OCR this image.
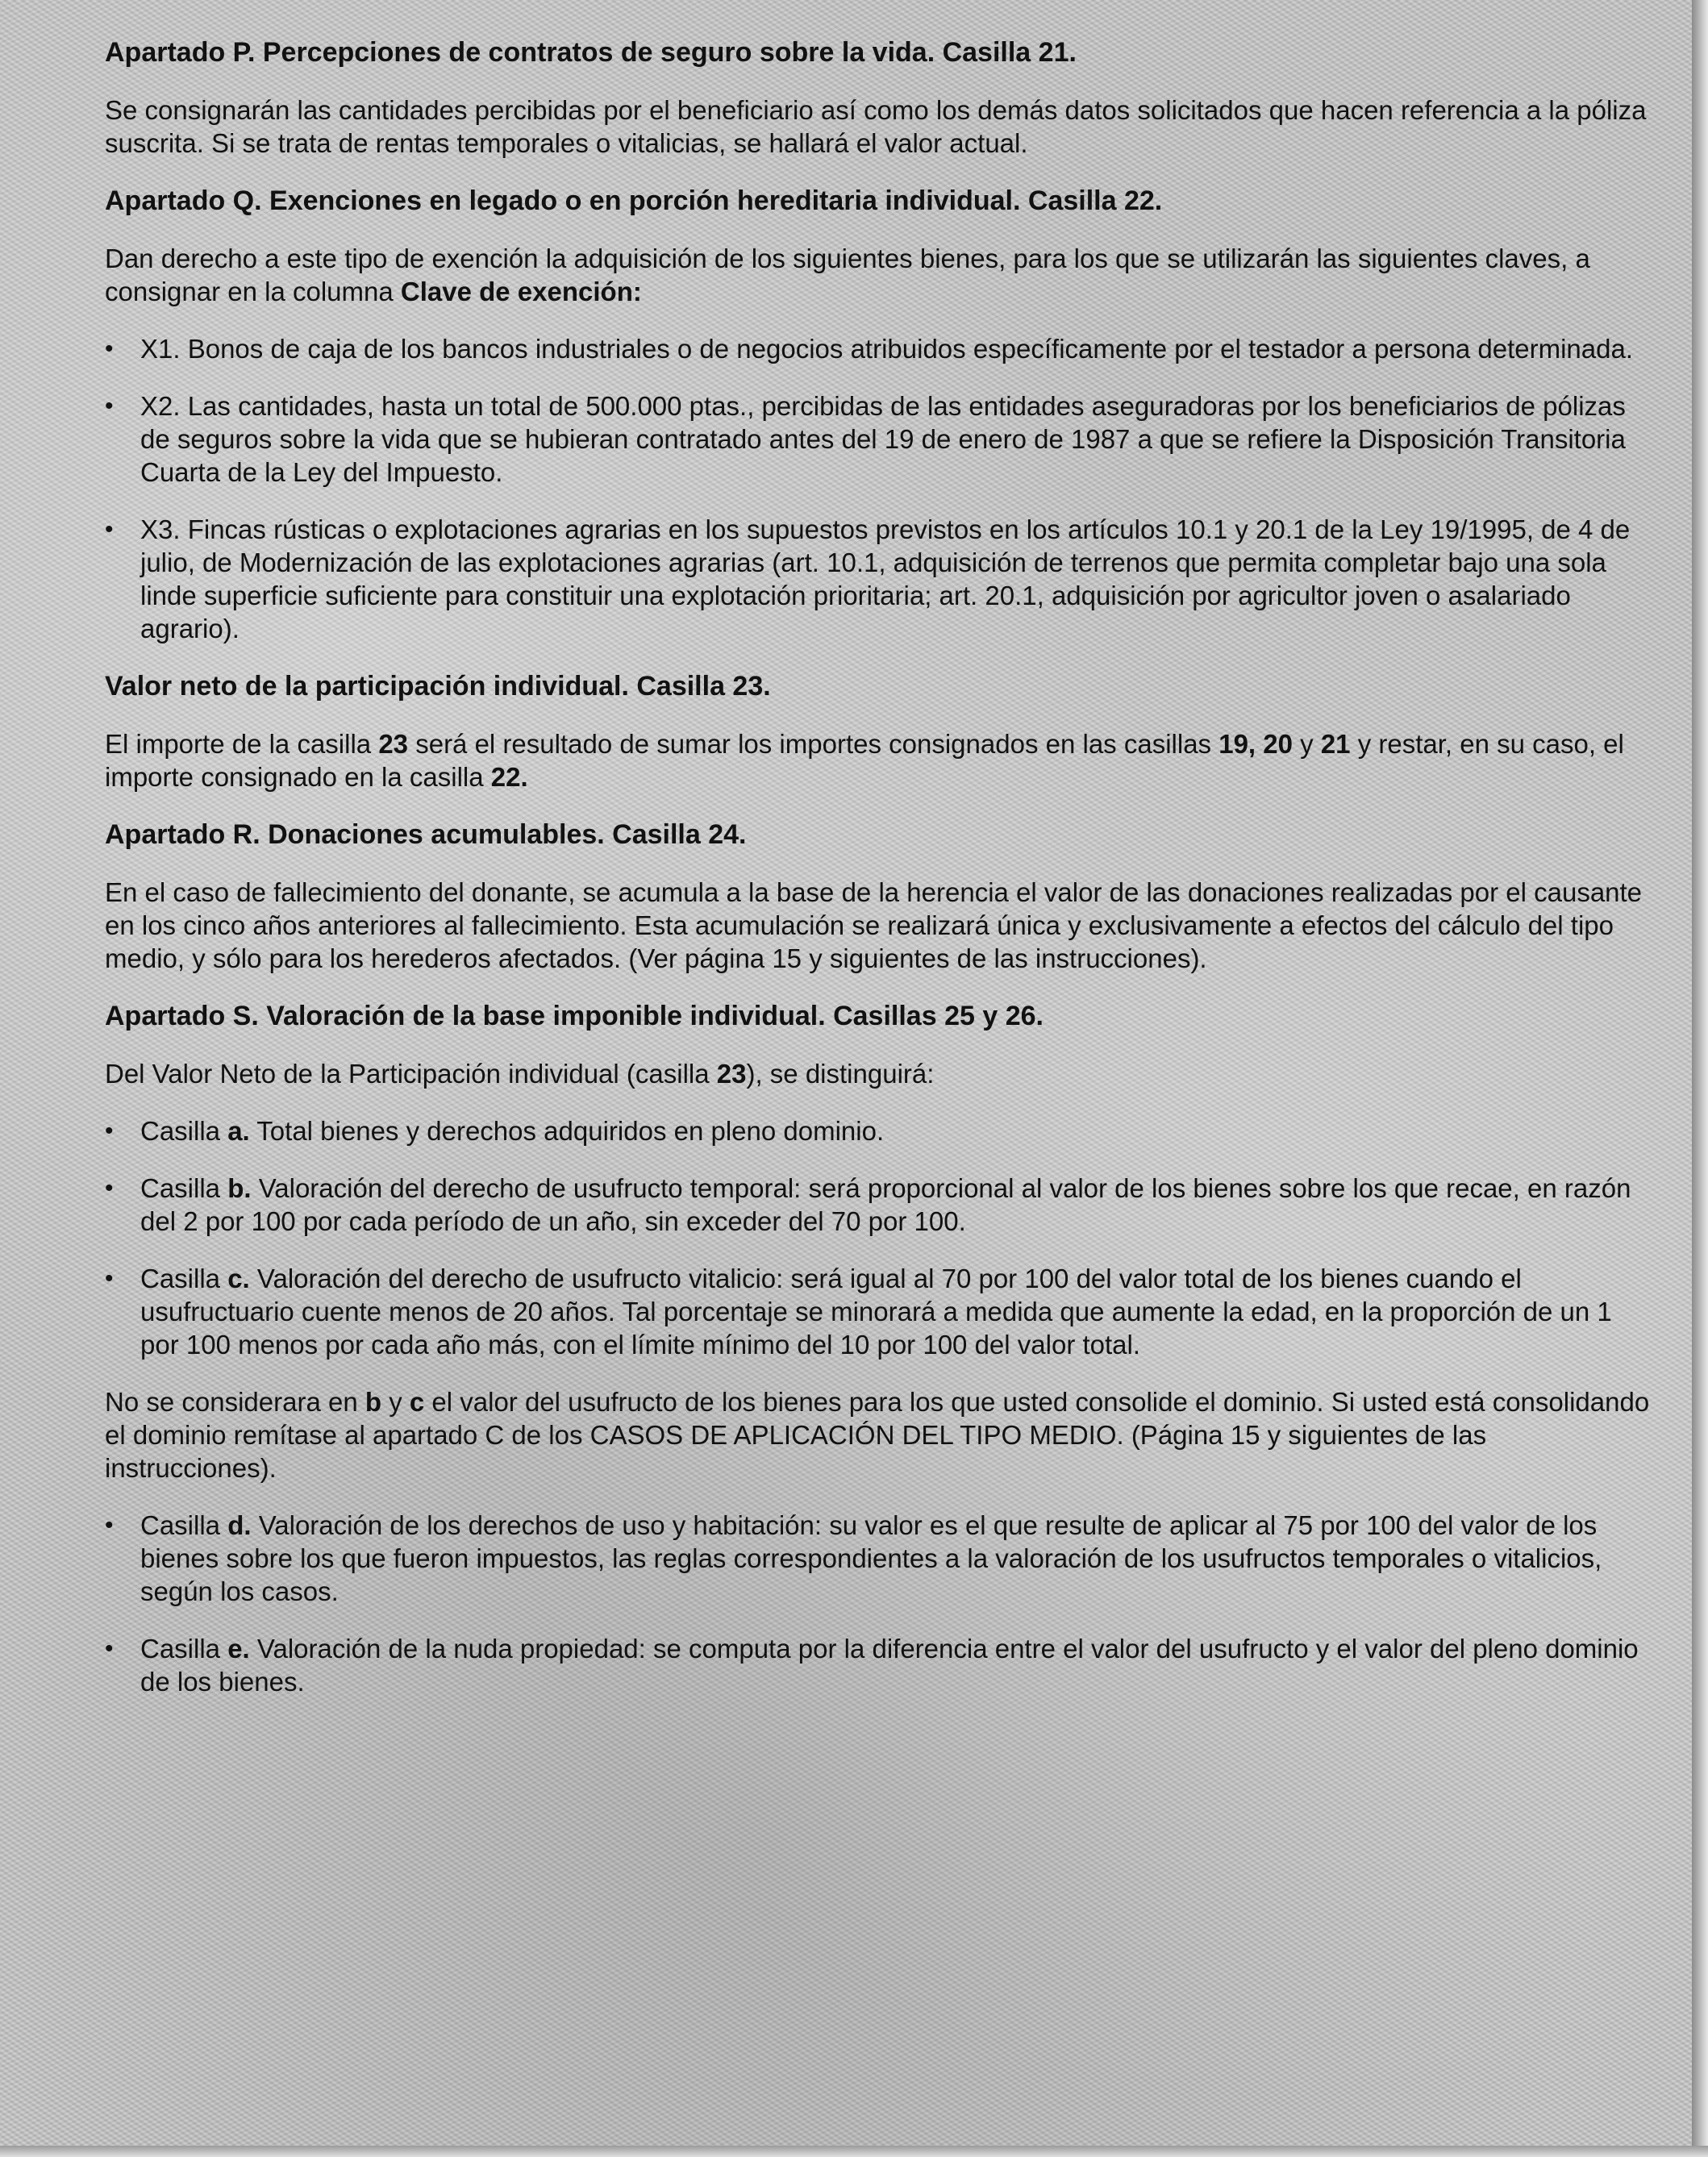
Apartado P. Percepciones de contratos de seguro sobre la vida. Casilla 21.
Se consignarán las cantidades percibidas por el beneficiario así como los demás datos solicitados que hacen referencia a la póliza suscrita. Si se trata de rentas temporales o vitalicias, se hallará el valor actual.
Apartado Q. Exenciones en legado o en porción hereditaria individual. Casilla 22.
Dan derecho a este tipo de exención la adquisición de los siguientes bienes, para los que se utilizarán las siguientes claves, a consignar en la columna Clave de exención:
• X1. Bonos de caja de los bancos industriales o de negocios atribuidos específicamente por el testador a persona determinada.
• X2. Las cantidades, hasta un total de 500.000 ptas., percibidas de las entidades aseguradoras por los beneficiarios de pólizas de seguros sobre la vida que se hubieran contratado antes del 19 de enero de 1987 a que se refiere la Disposición Transitoria Cuarta de la Ley del Impuesto.
• X3. Fincas rústicas o explotaciones agrarias en los supuestos previstos en los artículos 10.1 y 20.1 de la Ley 19/1995, de 4 de julio, de Modernización de las explotaciones agrarias (art. 10.1, adquisición de terrenos que permita completar bajo una sola linde superficie suficiente para constituir una explotación prioritaria; art. 20.1, adquisición por agricultor joven o asalariado agrario).
Valor neto de la participación individual. Casilla 23.
El importe de la casilla 23 será el resultado de sumar los importes consignados en las casillas 19, 20 y 21 y restar, en su caso, el importe consignado en la casilla 22.
Apartado R. Donaciones acumulables. Casilla 24.
En el caso de fallecimiento del donante, se acumula a la base de la herencia el valor de las donaciones realizadas por el causante en los cinco años anteriores al fallecimiento. Esta acumulación se realizará única y exclusivamente a efectos del cálculo del tipo medio, y sólo para los herederos afectados. (Ver página 15 y siguientes de las instrucciones).
Apartado S. Valoración de la base imponible individual. Casillas 25 y 26.
Del Valor Neto de la Participación individual (casilla 23), se distinguirá:
• Casilla a. Total bienes y derechos adquiridos en pleno dominio.
• Casilla b. Valoración del derecho de usufructo temporal: será proporcional al valor de los bienes sobre los que recae, en razón del 2 por 100 por cada período de un año, sin exceder del 70 por 100.
• Casilla c. Valoración del derecho de usufructo vitalicio: será igual al 70 por 100 del valor total de los bienes cuando el usufructuario cuente menos de 20 años. Tal porcentaje se minorará a medida que aumente la edad, en la proporción de un 1 por 100 menos por cada año más, con el límite mínimo del 10 por 100 del valor total.
No se considerara en b y c el valor del usufructo de los bienes para los que usted consolide el dominio. Si usted está consolidando el dominio remítase al apartado C de los CASOS DE APLICACIÓN DEL TIPO MEDIO. (Página 15 y siguientes de las instrucciones).
• Casilla d. Valoración de los derechos de uso y habitación: su valor es el que resulte de aplicar al 75 por 100 del valor de los bienes sobre los que fueron impuestos, las reglas correspondientes a la valoración de los usufructos temporales o vitalicios, según los casos.
• Casilla e. Valoración de la nuda propiedad: se computa por la diferencia entre el valor del usufructo y el valor del pleno dominio de los bienes.
